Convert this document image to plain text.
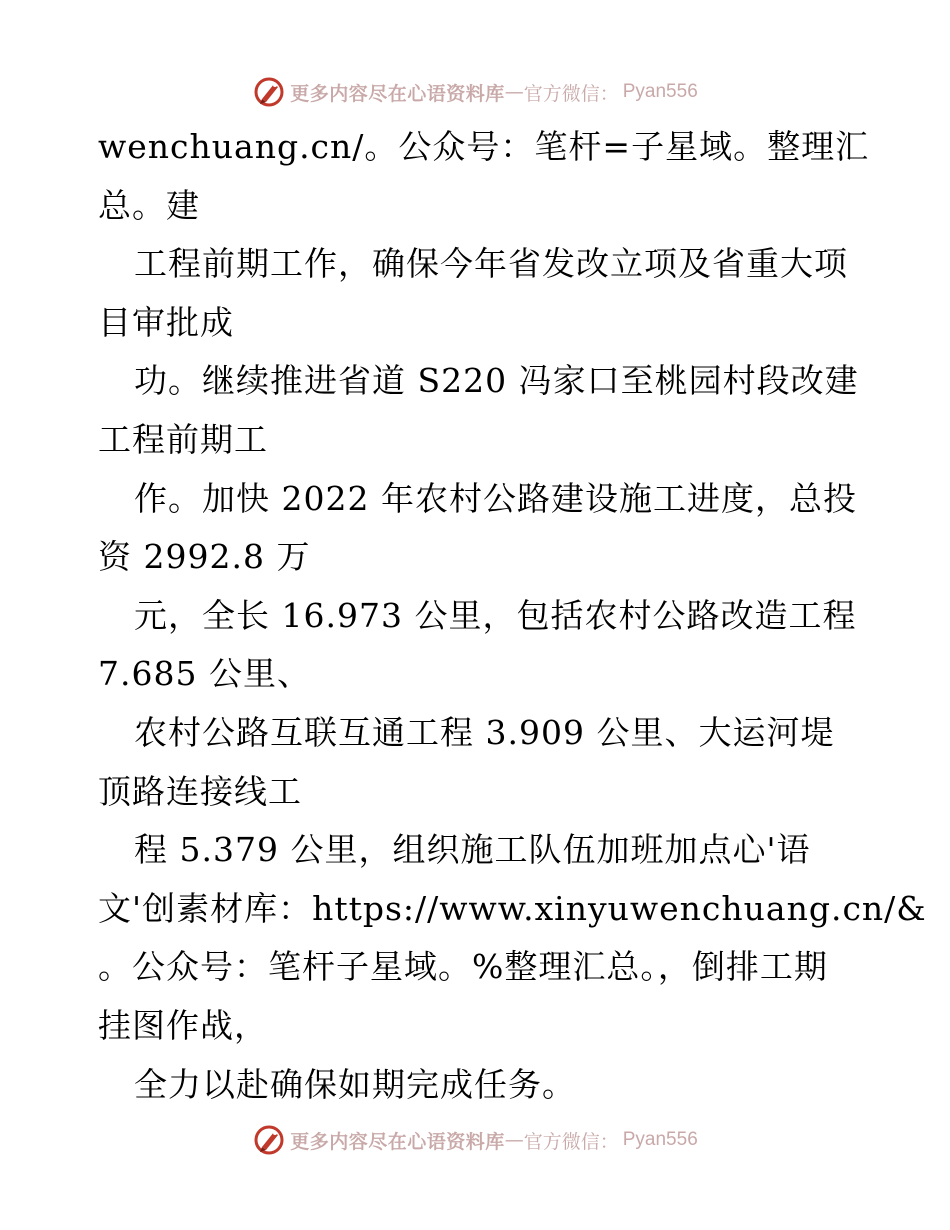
更多内容尽在心语资料库 — 官方微信： Pyan556
wenchuang.cn/。公众号：笔杆=子星域。整理汇
总。建
工程前期工作，确保今年省发改立项及省重大项
目审批成
功。继续推进省道 S220 冯家口至桃园村段改建
工程前期工
作。加快 2022 年农村公路建设施工进度，总投
资 2992.8 万
元，全长 16.973 公里，包括农村公路改造工程
7.685 公里、
农村公路互联互通工程 3.909 公里、大运河堤
顶路连接线工
程 5.379 公里，组织施工队伍加班加点心'语
文'创素材库：https://www.xinyuwenchuang.cn/&
。公众号：笔杆子星域。%整理汇总。，倒排工期
挂图作战，
全力以赴确保如期完成任务。
更多内容尽在心语资料库 — 官方微信： Pyan556
